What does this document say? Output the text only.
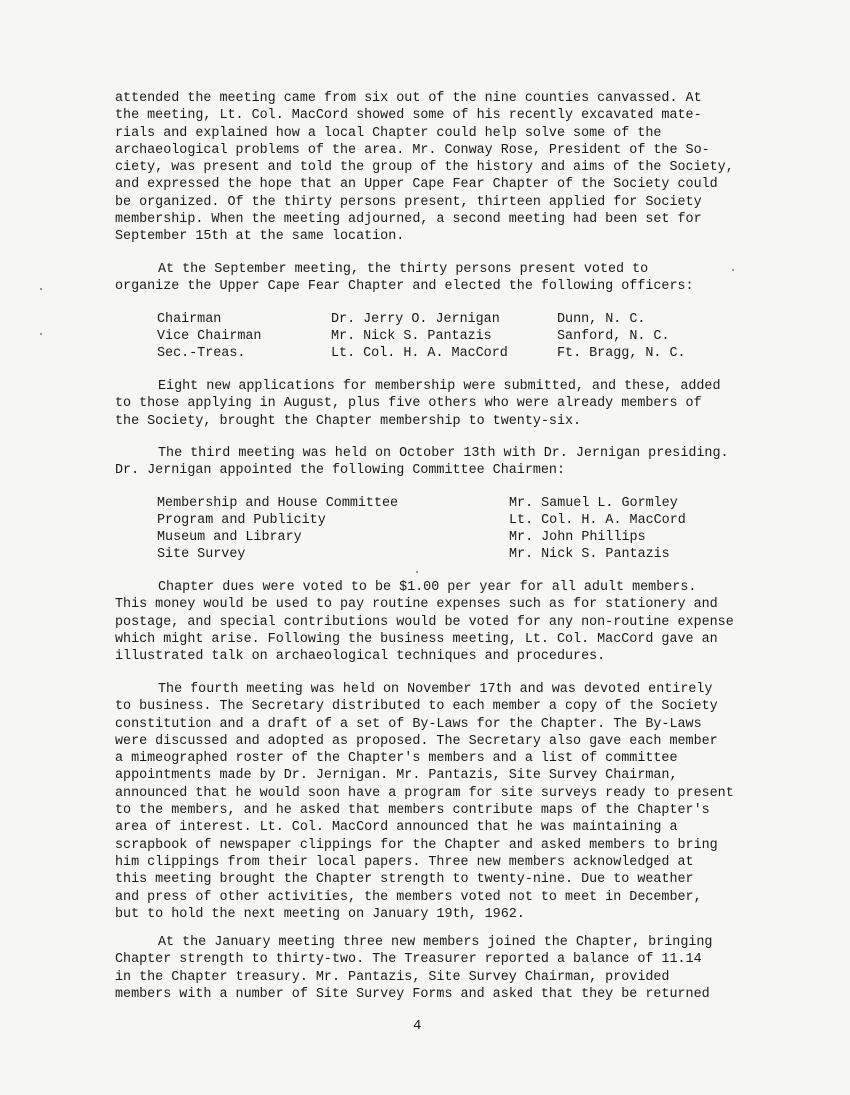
attended the meeting came from six out of the nine counties canvassed. At
the meeting, Lt. Col. MacCord showed some of his recently excavated mate-
rials and explained how a local Chapter could help solve some of the
archaeological problems of the area. Mr. Conway Rose, President of the So-
ciety, was present and told the group of the history and aims of the Society,
and expressed the hope that an Upper Cape Fear Chapter of the Society could
be organized. Of the thirty persons present, thirteen applied for Society
membership. When the meeting adjourned, a second meeting had been set for
September 15th at the same location.

At the September meeting, the thirty persons present voted to
organize the Upper Cape Fear Chapter and elected the following officers:

Chairman	Dr. Jerry O. Jernigan	Dunn, N. C.
Vice Chairman	Mr. Nick S. Pantazis	Sanford, N. C.
Sec.-Treas.	Lt. Col. H. A. MacCord	Ft. Bragg, N. C.

Eight new applications for membership were submitted, and these, added
to those applying in August, plus five others who were already members of
the Society, brought the Chapter membership to twenty-six.

The third meeting was held on October 13th with Dr. Jernigan presiding.
Dr. Jernigan appointed the following Committee Chairmen:

Membership and House Committee	Mr. Samuel L. Gormley
Program and Publicity	Lt. Col. H. A. MacCord
Museum and Library	Mr. John Phillips
Site Survey	Mr. Nick S. Pantazis

Chapter dues were voted to be $1.00 per year for all adult members.
This money would be used to pay routine expenses such as for stationery and
postage, and special contributions would be voted for any non-routine expense
which might arise. Following the business meeting, Lt. Col. MacCord gave an
illustrated talk on archaeological techniques and procedures.

The fourth meeting was held on November 17th and was devoted entirely
to business. The Secretary distributed to each member a copy of the Society
constitution and a draft of a set of By-Laws for the Chapter. The By-Laws
were discussed and adopted as proposed. The Secretary also gave each member
a mimeographed roster of the Chapter's members and a list of committee
appointments made by Dr. Jernigan. Mr. Pantazis, Site Survey Chairman,
announced that he would soon have a program for site surveys ready to present
to the members, and he asked that members contribute maps of the Chapter's
area of interest. Lt. Col. MacCord announced that he was maintaining a
scrapbook of newspaper clippings for the Chapter and asked members to bring
him clippings from their local papers. Three new members acknowledged at
this meeting brought the Chapter strength to twenty-nine. Due to weather
and press of other activities, the members voted not to meet in December,
but to hold the next meeting on January 19th, 1962.

At the January meeting three new members joined the Chapter, bringing
Chapter strength to thirty-two. The Treasurer reported a balance of 11.14
in the Chapter treasury. Mr. Pantazis, Site Survey Chairman, provided
members with a number of Site Survey Forms and asked that they be returned

4
